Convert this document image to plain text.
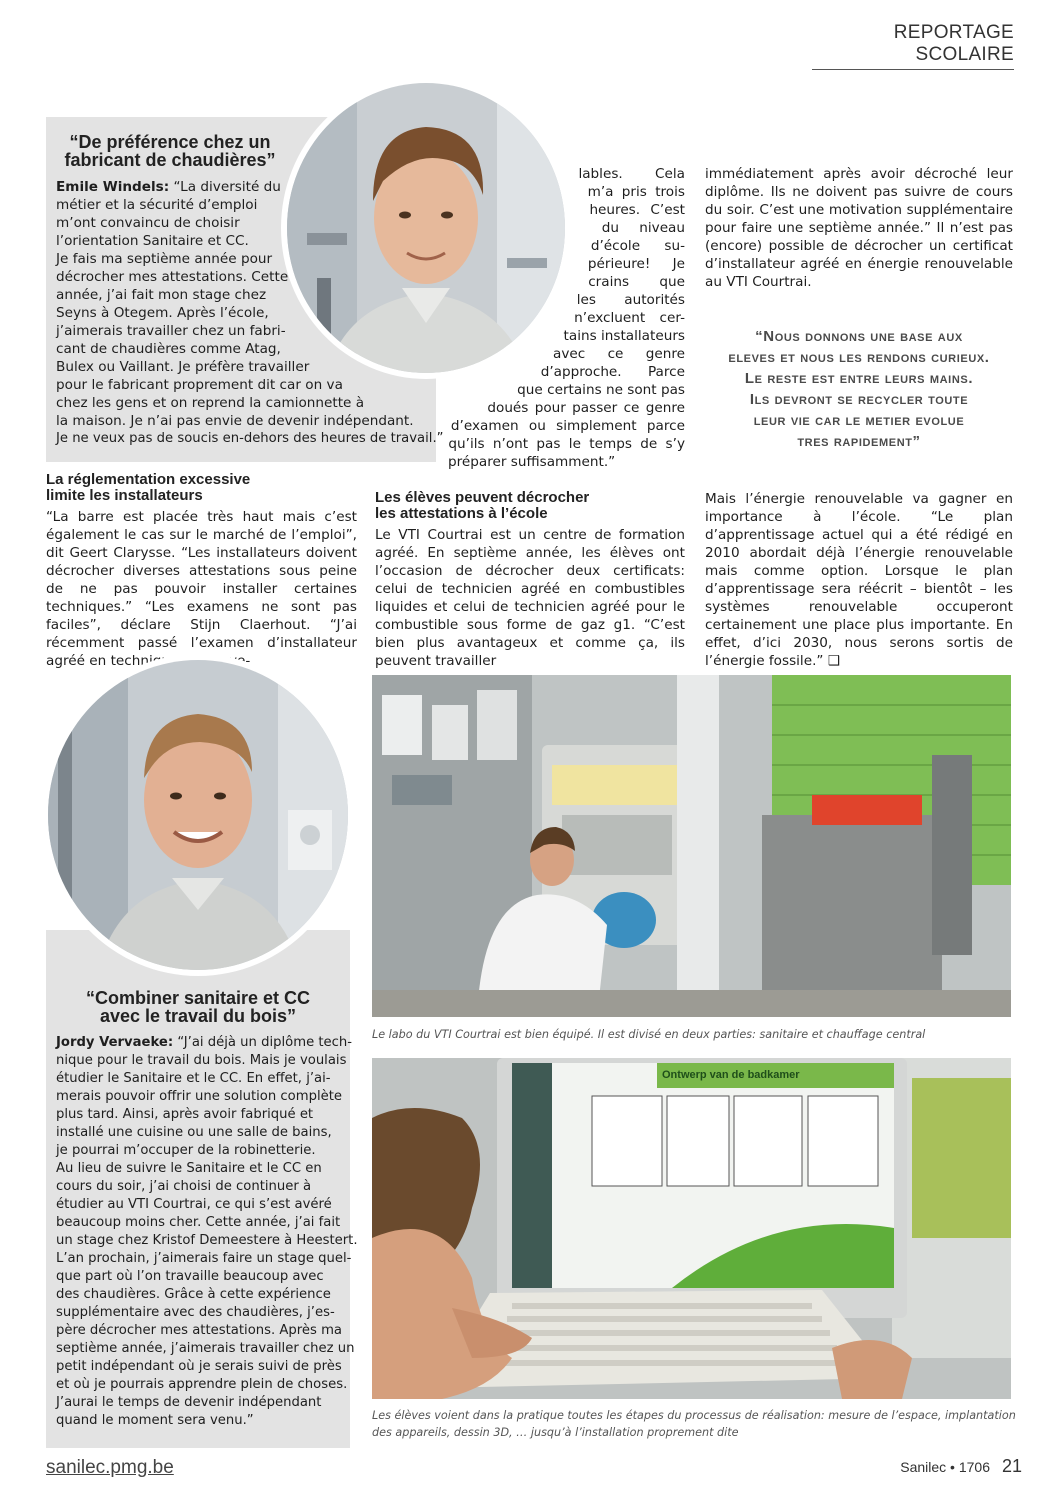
REPORTAGE SCOLAIRE
“De préférence chez un
fabricant de chaudières”
Emile Windels: “La diversité du
métier et la sécurité d’emploi
m’ont convaincu de choisir
l’orientation Sanitaire et CC.
Je fais ma septième année pour
décrocher mes attestations. Cette
année, j’ai fait mon stage chez
Seyns à Otegem. Après l’école,
j’aimerais travailler chez un fabri-
cant de chaudières comme Atag,
Bulex ou Vaillant. Je préfère travailler
pour le fabricant proprement dit car on va
chez les gens et on reprend la camionnette à
la maison. Je n’ai pas envie de devenir indépendant.
Je ne veux pas de soucis en-dehors des heures de travail.”
lables. Cela
m’a pris trois
heures. C’est
du niveau
d’école su-
périeure! Je
crains que
les autorités
n’excluent cer-
tains installateurs
avec ce genre
d’approche. Parce
que certains ne sont pas
doués pour passer ce genre
d’examen ou simplement parce
qu’ils n’ont pas le temps de s’y
préparer suffisamment.”
immédiatement après avoir décroché leur diplôme. Ils ne doivent pas suivre de cours du soir. C’est une motivation supplémentaire pour faire une septième année.” Il n’est pas (encore) possible de décrocher un certificat d’installateur agréé en énergie renouvelable au VTI Courtrai.
“Nous donnons une base aux
eleves et nous les rendons curieux.
Le reste est entre leurs mains.
Ils devront se recycler toute
leur vie car le metier evolue
tres rapidement”
La réglementation excessive
limite les installateurs
“La barre est placée très haut mais c’est également le cas sur le marché de l’emploi”, dit Geert Clarysse. “Les installateurs doivent décrocher diverses attestations sous peine de ne pas pouvoir installer certaines techniques.” “Les examens ne sont pas faciles”, déclare Stijn Claerhout. “J’ai récemment passé l’examen d’installateur agréé en techniques renouve-
Les élèves peuvent décrocher
les attestations à l’école
Le VTI Courtrai est un centre de formation agréé. En septième année, les élèves ont l’occasion de décrocher deux certificats: celui de technicien agréé en combustibles liquides et celui de technicien agréé pour le combustible sous forme de gaz g1. “C’est bien plus avantageux et comme ça, ils peuvent travailler
Mais l’énergie renouvelable va gagner en importance à l’école. “Le plan d’apprentissage actuel qui a été rédigé en 2010 abordait déjà l’énergie renouvelable mais comme option. Lorsque le plan d’apprentissage sera réécrit – bientôt – les systèmes renouvelable occuperont certainement une place plus importante. En effet, d’ici 2030, nous serons sortis de l’énergie fossile.” ❑
“Combiner sanitaire et CC
avec le travail du bois”
Jordy Vervaeke: “J’ai déjà un diplôme tech-
nique pour le travail du bois. Mais je voulais
étudier le Sanitaire et le CC. En effet, j’ai-
merais pouvoir offrir une solution complète
plus tard. Ainsi, après avoir fabriqué et
installé une cuisine ou une salle de bains,
je pourrai m’occuper de la robinetterie.
Au lieu de suivre le Sanitaire et le CC en
cours du soir, j’ai choisi de continuer à
étudier au VTI Courtrai, ce qui s’est avéré
beaucoup moins cher. Cette année, j’ai fait
un stage chez Kristof Demeestere à Heestert.
L’an prochain, j’aimerais faire un stage quel-
que part où l’on travaille beaucoup avec
des chaudières. Grâce à cette expérience
supplémentaire avec des chaudières, j’es-
père décrocher mes attestations. Après ma
septième année, j’aimerais travailler chez un
petit indépendant où je serais suivi de près
et où je pourrais apprendre plein de choses.
J’aurai le temps de devenir indépendant
quand le moment sera venu.”
Le labo du VTI Courtrai est bien équipé. Il est divisé en deux parties: sanitaire et chauffage central
Ontwerp van de badkamer
Les élèves voient dans la pratique toutes les étapes du processus de réalisation: mesure de l’espace, implantation
des appareils, dessin 3D, … jusqu’à l’installation proprement dite
sanilec.pmg.be	Sanilec • 1706 21
